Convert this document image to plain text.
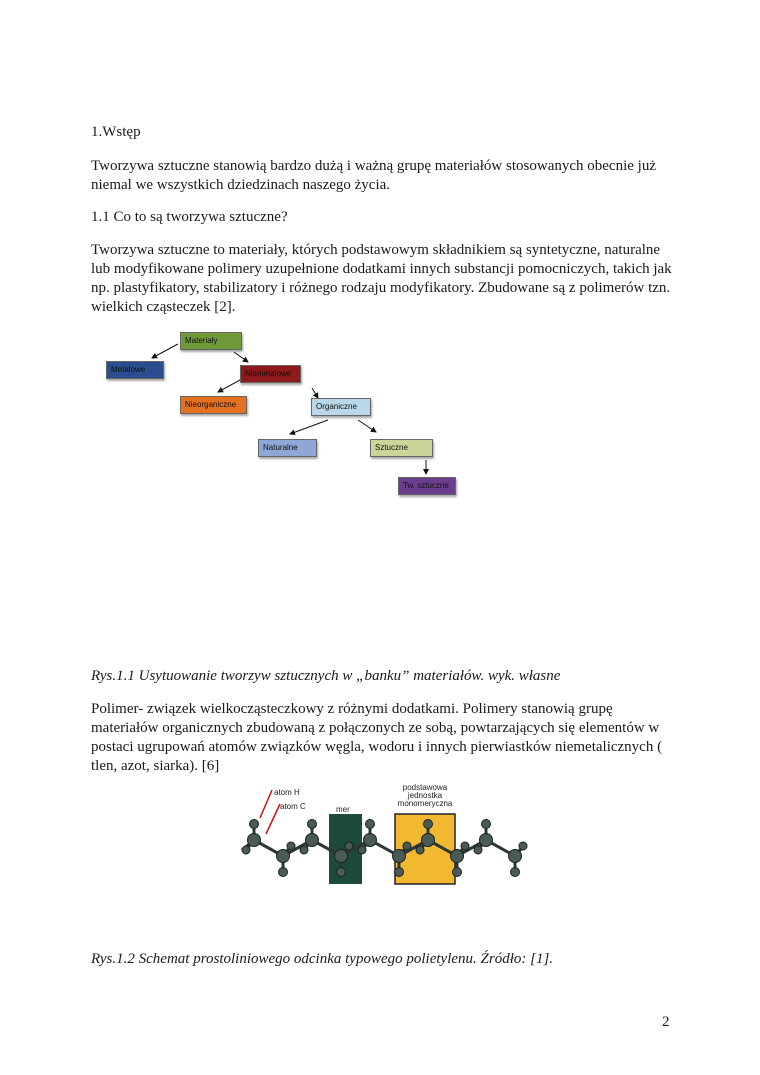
1.Wstęp

Tworzywa sztuczne stanowią bardzo dużą i ważną grupę materiałów stosowanych obecnie już niemal we wszystkich dziedzinach naszego życia.

1.1 Co to są tworzywa sztuczne?

Tworzywa sztuczne to materiały, których podstawowym składnikiem są syntetyczne, naturalne lub modyfikowane polimery uzupełnione dodatkami innych substancji pomocniczych, takich jak np. plastyfikatory, stabilizatory i różnego rodzaju modyfikatory. Zbudowane są z polimerów tzn. wielkich cząsteczek [2].

Materiały
Metalowe	Niemetalowe
Nieorganiczne	Organiczne
Naturalne	Sztuczne
Tw. sztuczne

Rys.1.1 Usytuowanie tworzyw sztucznych w „banku” materiałów. wyk. własne

Polimer- związek wielkocząsteczkowy z różnymi dodatkami. Polimery stanowią grupę materiałów organicznych zbudowaną z połączonych ze sobą, powtarzających się elementów w postaci ugrupowań atomów związków węgla, wodoru i innych pierwiastków niemetalicznych ( tlen, azot, siarka). [6]

atom H
atom C	mer
podstawowa jednostka monomeryczna

Rys.1.2 Schemat prostoliniowego odcinka typowego polietylenu. Źródło: [1].

2
